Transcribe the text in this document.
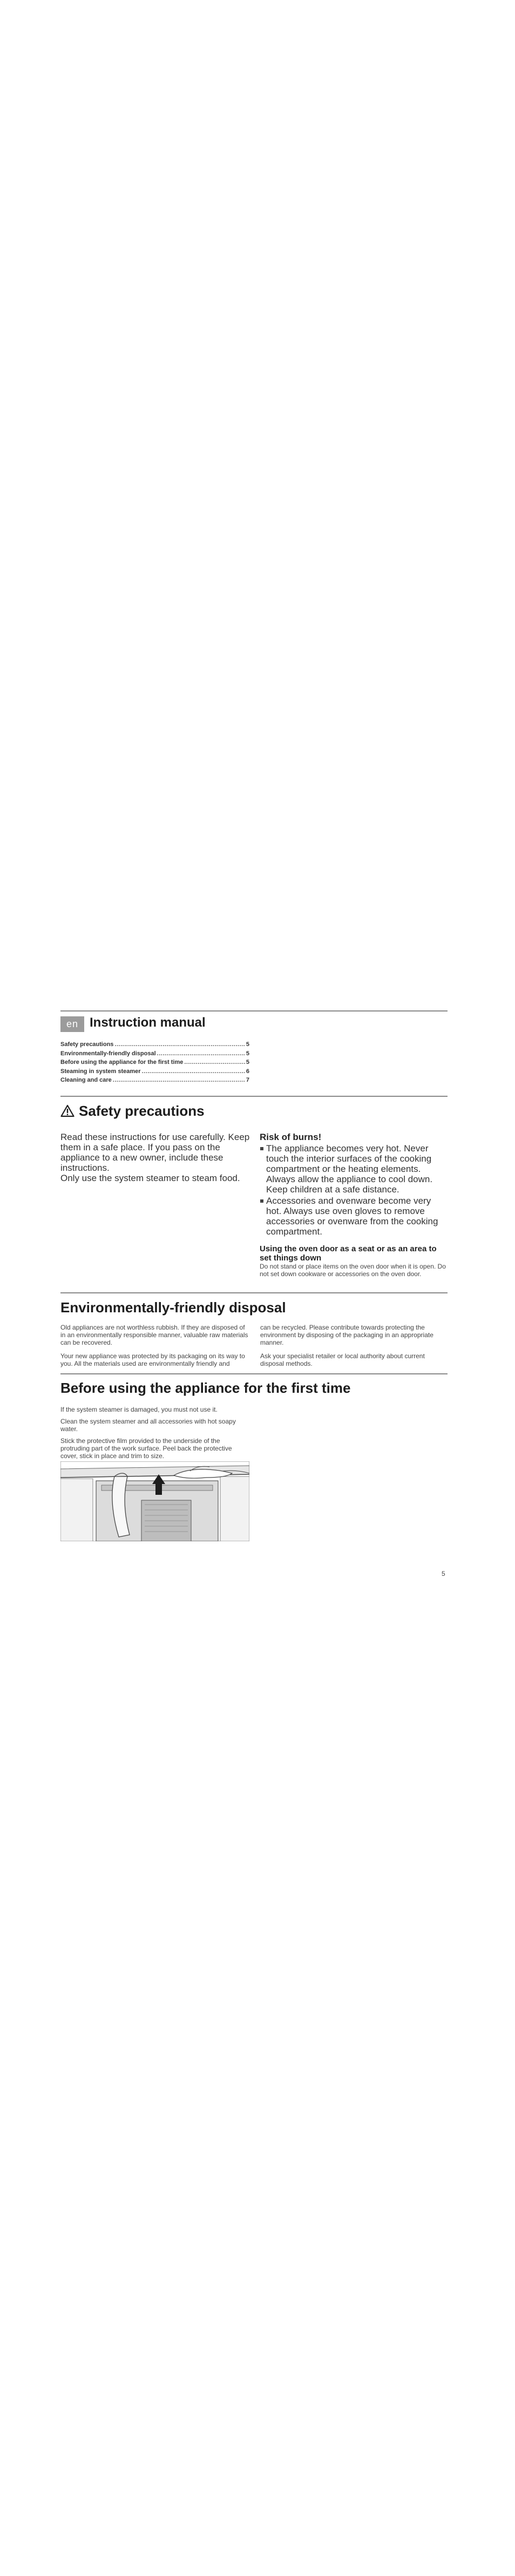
en Instruction manual
Safety precautions .....	5
Environmentally-friendly disposal .....	5
Before using the appliance for the first time .....	5
Steaming in system steamer .....	6
Cleaning and care .....	7
Safety precautions

Read these instructions for use carefully. Keep them in a safe place. If you pass on the appliance to a new owner, include these instructions.

Only use the system steamer to steam food.

Risk of burns!
The appliance becomes very hot. Never touch the interior surfaces of the cooking compartment or the heating elements. Always allow the appliance to cool down. Keep children at a safe distance.
Accessories and ovenware become very hot. Always use oven gloves to remove accessories or ovenware from the cooking compartment.
Using the oven door as a seat or as an area to set things down

Do not stand or place items on the oven door when it is open. Do not set down cookware or accessories on the oven door.

Environmentally-friendly disposal

Old appliances are not worthless rubbish. If they are disposed of in an environmentally responsible manner, valuable raw materials can be recovered.

Your new appliance was protected by its packaging on its way to you. All the materials used are environmentally friendly and

can be recycled. Please contribute towards protecting the environment by disposing of the packaging in an appropriate manner.

Ask your specialist retailer or local authority about current disposal methods.

Before using the appliance for the first time

If the system steamer is damaged, you must not use it.

Clean the system steamer and all accessories with hot soapy water.

Stick the protective film provided to the underside of the protruding part of the work surface. Peel back the protective cover, stick in place and trim to size.

5
